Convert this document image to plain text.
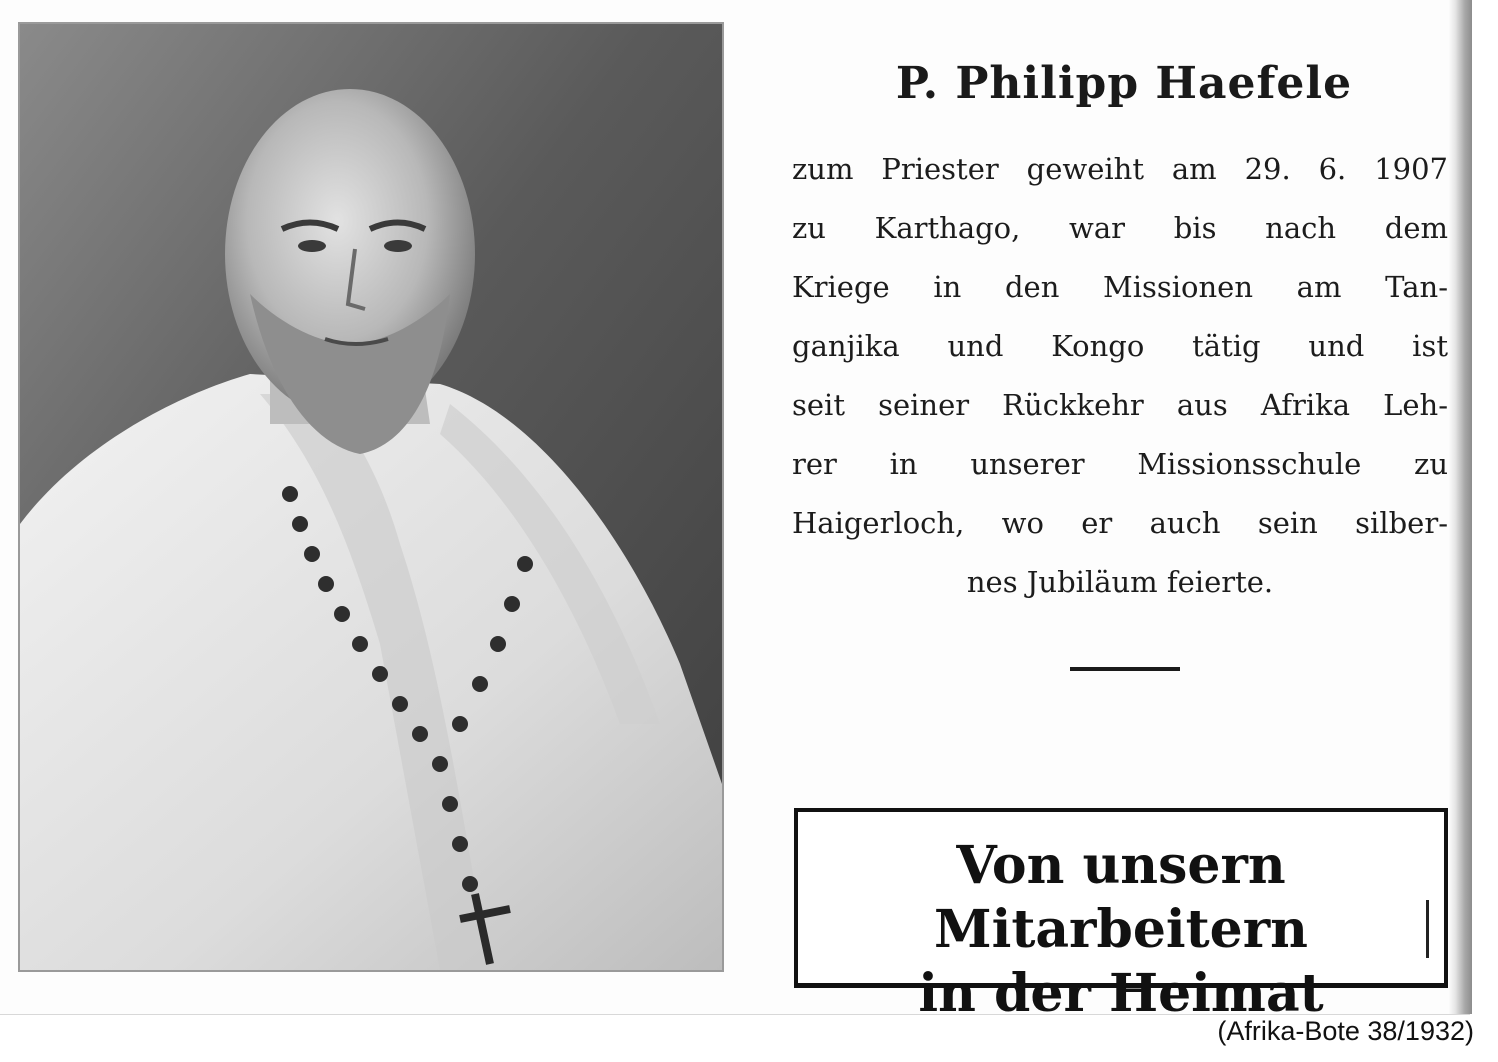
P. Philipp Haefele
zum Priester geweiht am 29. 6. 1907
zu Karthago, war bis nach dem
Kriege in den Missionen am Tan-
ganjika und Kongo tätig und ist
seit seiner Rückkehr aus Afrika Leh-
rer in unserer Missionsschule zu
Haigerloch, wo er auch sein silber-
nes Jubiläum feierte.
Von unsern Mitarbeitern
in der Heimat
(Afrika-Bote 38/1932)
